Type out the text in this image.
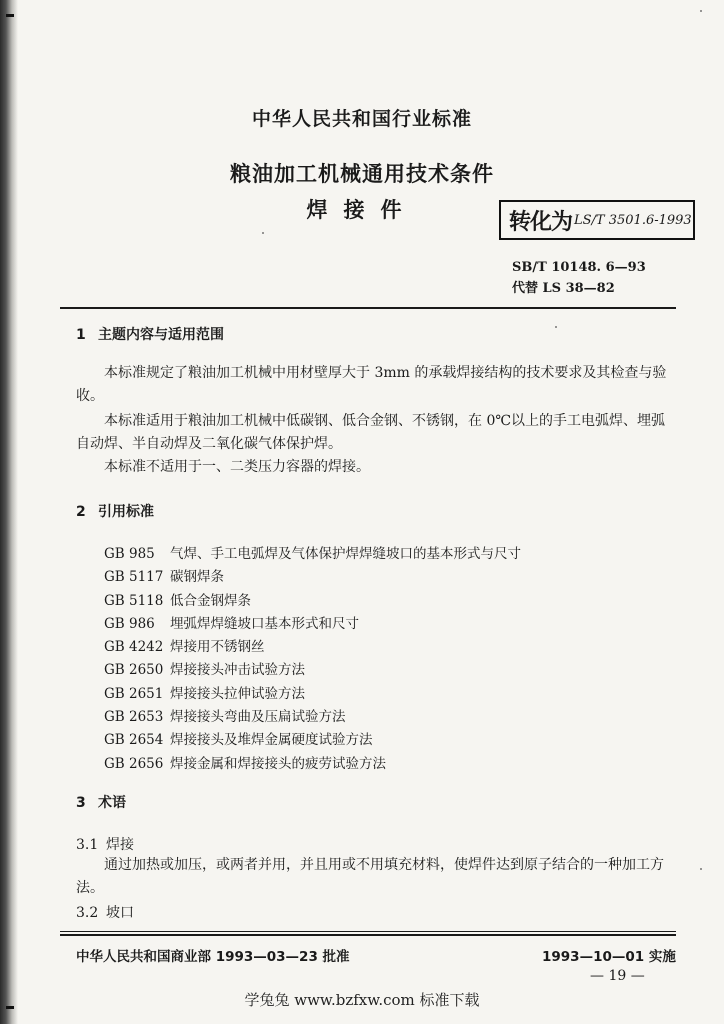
中华人民共和国行业标准
粮油加工机械通用技术条件
焊接件	转化为 LS/T 3501.6-1993
SB/T 10148. 6—93
代替 LS 38—82
1 主题内容与适用范围

本标准规定了粮油加工机械中用材壁厚大于 3mm 的承载焊接结构的技术要求及其检查与验收。

本标准适用于粮油加工机械中低碳钢、低合金钢、不锈钢，在 0℃以上的手工电弧焊、埋弧自动焊、半自动焊及二氧化碳气体保护焊。

本标准不适用于一、二类压力容器的焊接。

2 引用标准
GB 985 气焊、手工电弧焊及气体保护焊焊缝坡口的基本形式与尺寸
GB 5117 碳钢焊条
GB 5118 低合金钢焊条
GB 986 埋弧焊焊缝坡口基本形式和尺寸
GB 4242 焊接用不锈钢丝
GB 2650 焊接接头冲击试验方法
GB 2651 焊接接头拉伸试验方法
GB 2653 焊接接头弯曲及压扁试验方法
GB 2654 焊接接头及堆焊金属硬度试验方法
GB 2656 焊接金属和焊接接头的疲劳试验方法
3 术语
3.1 焊接

通过加热或加压，或两者并用，并且用或不用填充材料，使焊件达到原子结合的一种加工方法。

3.2 坡口
中华人民共和国商业部 1993—03—23 批准	1993—10—01 实施
— 19 —
学兔兔 www.bzfxw.com 标准下载
